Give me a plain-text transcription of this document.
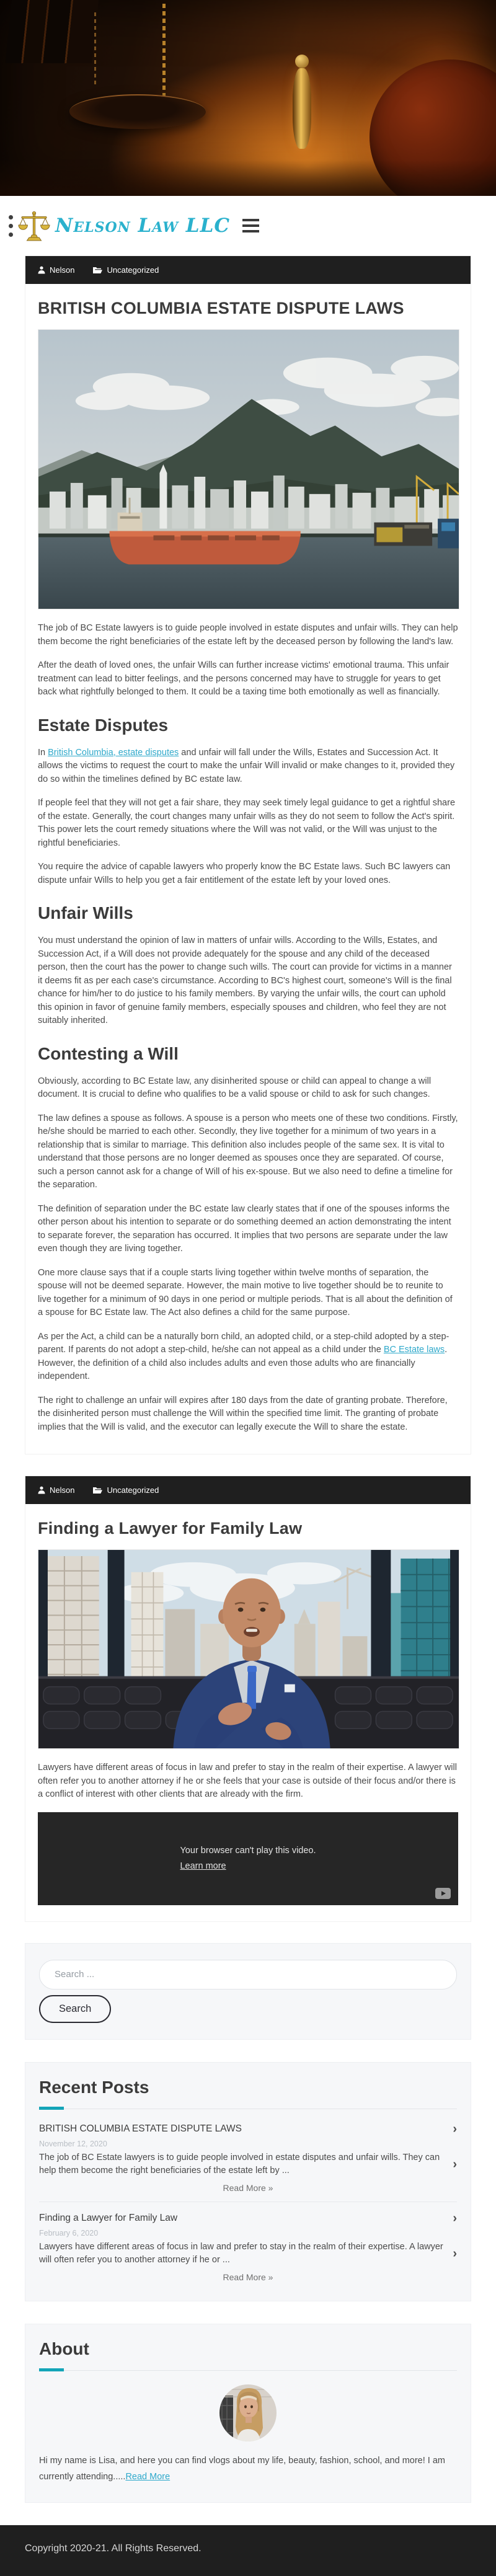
Nelson Law LLC
Nelson	Uncategorized
BRITISH COLUMBIA ESTATE DISPUTE LAWS

The job of BC Estate lawyers is to guide people involved in estate disputes and unfair wills. They can help them become the right beneficiaries of the estate left by the deceased person by following the land's law.

After the death of loved ones, the unfair Wills can further increase victims' emotional trauma. This unfair treatment can lead to bitter feelings, and the persons concerned may have to struggle for years to get back what rightfully belonged to them. It could be a taxing time both emotionally as well as financially.

Estate Disputes

In British Columbia, estate disputes and unfair will fall under the Wills, Estates and Succession Act. It allows the victims to request the court to make the unfair Will invalid or make changes to it, provided they do so within the timelines defined by BC estate law.

If people feel that they will not get a fair share, they may seek timely legal guidance to get a rightful share of the estate. Generally, the court changes many unfair wills as they do not seem to follow the Act's spirit. This power lets the court remedy situations where the Will was not valid, or the Will was unjust to the rightful beneficiaries.

You require the advice of capable lawyers who properly know the BC Estate laws. Such BC lawyers can dispute unfair Wills to help you get a fair entitlement of the estate left by your loved ones.

Unfair Wills

You must understand the opinion of law in matters of unfair wills. According to the Wills, Estates, and Succession Act, if a Will does not provide adequately for the spouse and any child of the deceased person, then the court has the power to change such wills. The court can provide for victims in a manner it deems fit as per each case's circumstance. According to BC's highest court, someone's Will is the final chance for him/her to do justice to his family members. By varying the unfair wills, the court can uphold this opinion in favor of genuine family members, especially spouses and children, who feel they are not suitably inherited.

Contesting a Will

Obviously, according to BC Estate law, any disinherited spouse or child can appeal to change a will document. It is crucial to define who qualifies to be a valid spouse or child to ask for such changes.

The law defines a spouse as follows. A spouse is a person who meets one of these two conditions. Firstly, he/she should be married to each other. Secondly, they live together for a minimum of two years in a relationship that is similar to marriage. This definition also includes people of the same sex. It is vital to understand that those persons are no longer deemed as spouses once they are separated. Of course, such a person cannot ask for a change of Will of his ex-spouse. But we also need to define a timeline for the separation.

The definition of separation under the BC estate law clearly states that if one of the spouses informs the other person about his intention to separate or do something deemed an action demonstrating the intent to separate forever, the separation has occurred. It implies that two persons are separate under the law even though they are living together.

One more clause says that if a couple starts living together within twelve months of separation, the spouse will not be deemed separate. However, the main motive to live together should be to reunite to live together for a minimum of 90 days in one period or multiple periods. That is all about the definition of a spouse for BC Estate law. The Act also defines a child for the same purpose.

As per the Act, a child can be a naturally born child, an adopted child, or a step-child adopted by a step-parent. If parents do not adopt a step-child, he/she can not appeal as a child under the BC Estate laws. However, the definition of a child also includes adults and even those adults who are financially independent.

The right to challenge an unfair will expires after 180 days from the date of granting probate. Therefore, the disinherited person must challenge the Will within the specified time limit. The granting of probate implies that the Will is valid, and the executor can legally execute the Will to share the estate.

Nelson	Uncategorized
Finding a Lawyer for Family Law

Lawyers have different areas of focus in law and prefer to stay in the realm of their expertise. A lawyer will often refer you to another attorney if he or she feels that your case is outside of their focus and/or there is a conflict of interest with other clients that are already with the firm.

Your browser can't play this video.
Learn more
Search ...
Search
Recent Posts
BRITISH COLUMBIA ESTATE DISPUTE LAWS	›
November 12, 2020
The job of BC Estate lawyers is to guide people involved in estate disputes and unfair wills. They can help them become the right beneficiaries of the estate left by ...	›
Read More »
Finding a Lawyer for Family Law	›
February 6, 2020
Lawyers have different areas of focus in law and prefer to stay in the realm of their expertise. A lawyer will often refer you to another attorney if he or ...	›
Read More »
About

Hi my name is Lisa, and here you can find vlogs about my life, beauty, fashion, school, and more! I am currently attending.....Read More

Copyright 2020-21. All Rights Reserved.
